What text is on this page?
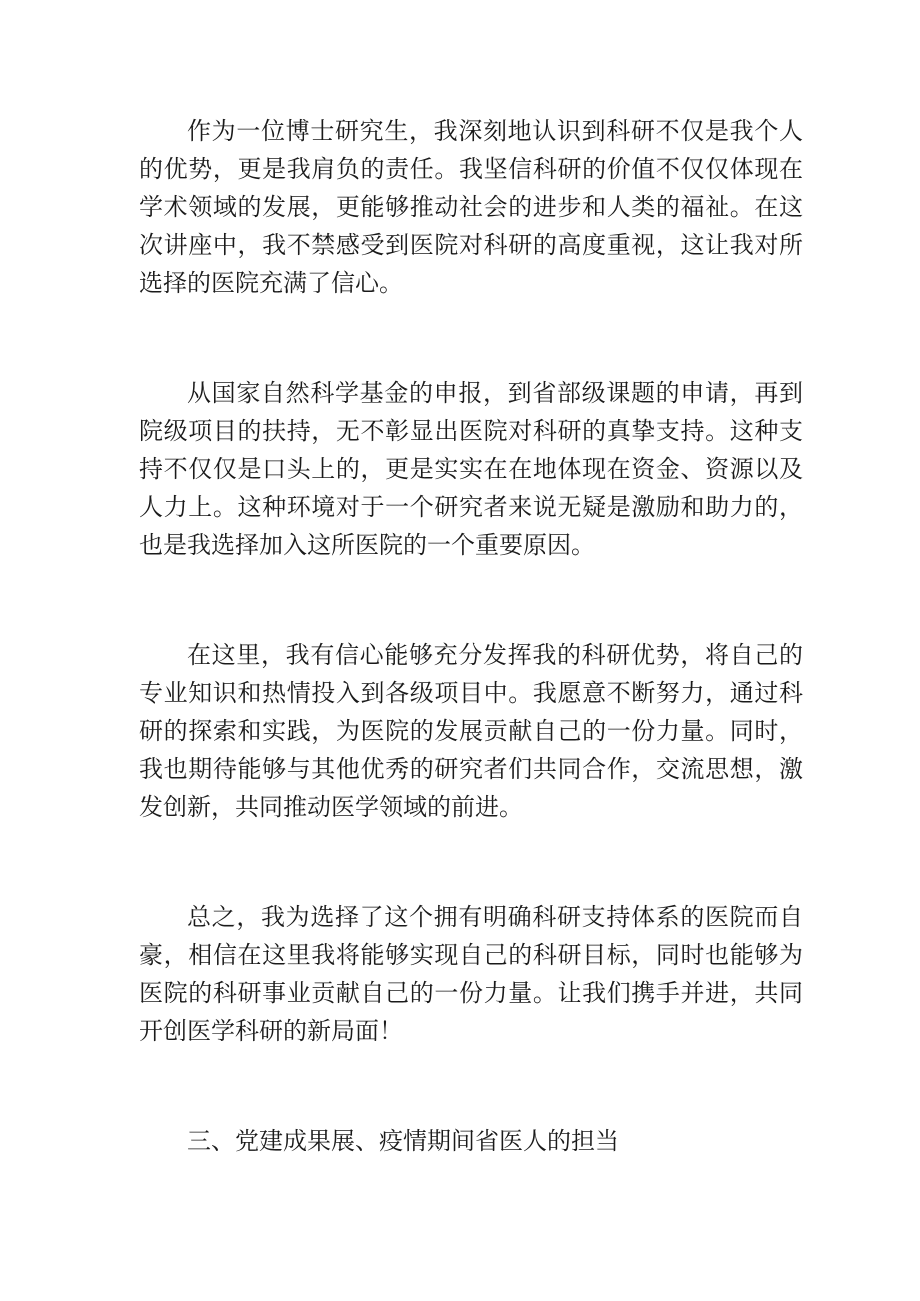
作为一位博士研究生，我深刻地认识到科研不仅是我个人的优势，更是我肩负的责任。我坚信科研的价值不仅仅体现在学术领域的发展，更能够推动社会的进步和人类的福祉。在这次讲座中，我不禁感受到医院对科研的高度重视，这让我对所选择的医院充满了信心。

从国家自然科学基金的申报，到省部级课题的申请，再到院级项目的扶持，无不彰显出医院对科研的真挚支持。这种支持不仅仅是口头上的，更是实实在在地体现在资金、资源以及人力上。这种环境对于一个研究者来说无疑是激励和助力的，也是我选择加入这所医院的一个重要原因。

在这里，我有信心能够充分发挥我的科研优势，将自己的专业知识和热情投入到各级项目中。我愿意不断努力，通过科研的探索和实践，为医院的发展贡献自己的一份力量。同时，我也期待能够与其他优秀的研究者们共同合作，交流思想，激发创新，共同推动医学领域的前进。

总之，我为选择了这个拥有明确科研支持体系的医院而自豪，相信在这里我将能够实现自己的科研目标，同时也能够为医院的科研事业贡献自己的一份力量。让我们携手并进，共同开创医学科研的新局面！

三、党建成果展、疫情期间省医人的担当
